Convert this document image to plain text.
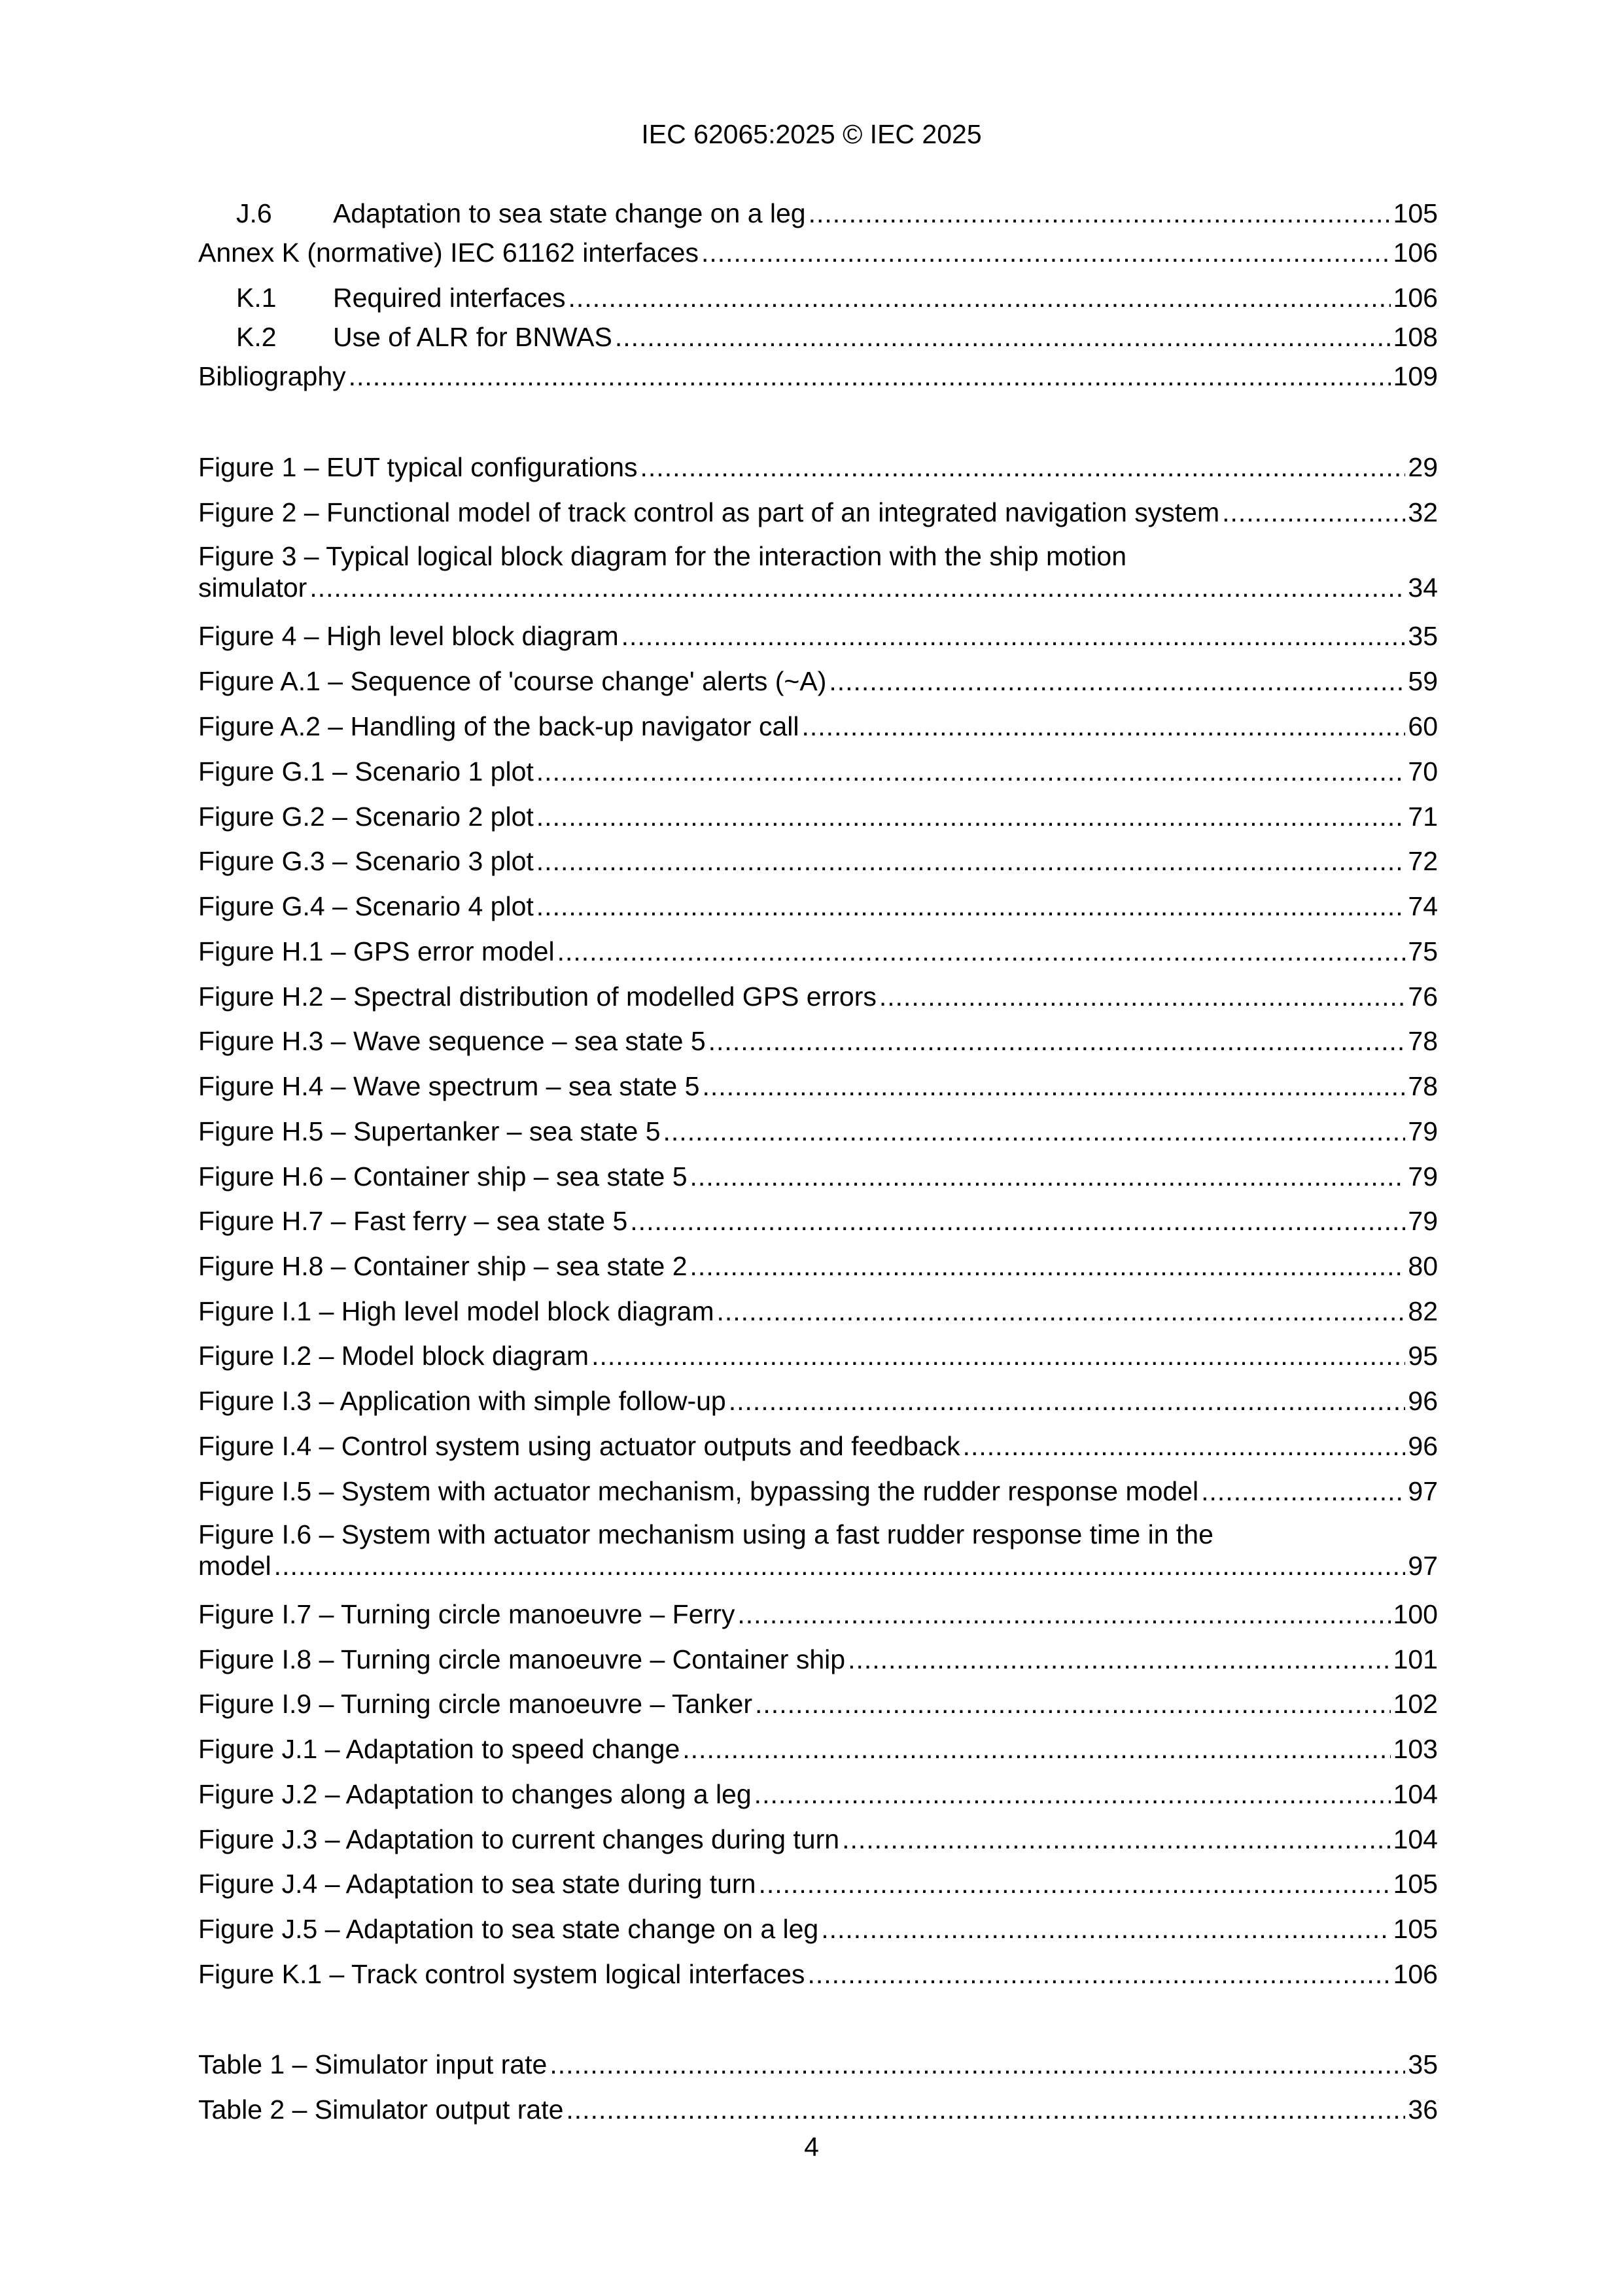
IEC 62065:2025 © IEC 2025
J.6	Adaptation to sea state change on a leg .....	105
Annex K (normative) IEC 61162 interfaces .....	106
K.1	Required interfaces .....	106
K.2	Use of ALR for BNWAS .....	108
Bibliography .....	109
Figure 1 – EUT typical configurations .....	29
Figure 2 – Functional model of track control as part of an integrated navigation system .....	32
Figure 3 – Typical logical block diagram for the interaction with the ship motion
simulator .....	34
Figure 4 – High level block diagram .....	35
Figure A.1 – Sequence of 'course change' alerts (~A) .....	59
Figure A.2 – Handling of the back-up navigator call .....	60
Figure G.1 – Scenario 1 plot .....	70
Figure G.2 – Scenario 2 plot .....	71
Figure G.3 – Scenario 3 plot .....	72
Figure G.4 – Scenario 4 plot .....	74
Figure H.1 – GPS error model .....	75
Figure H.2 – Spectral distribution of modelled GPS errors .....	76
Figure H.3 – Wave sequence – sea state 5 .....	78
Figure H.4 – Wave spectrum – sea state 5 .....	78
Figure H.5 – Supertanker – sea state 5 .....	79
Figure H.6 – Container ship – sea state 5 .....	79
Figure H.7 – Fast ferry – sea state 5 .....	79
Figure H.8 – Container ship – sea state 2 .....	80
Figure I.1 – High level model block diagram .....	82
Figure I.2 – Model block diagram .....	95
Figure I.3 – Application with simple follow-up .....	96
Figure I.4 – Control system using actuator outputs and feedback .....	96
Figure I.5 – System with actuator mechanism, bypassing the rudder response model .....	97
Figure I.6 – System with actuator mechanism using a fast rudder response time in the
model .....	97
Figure I.7 – Turning circle manoeuvre – Ferry .....	100
Figure I.8 – Turning circle manoeuvre – Container ship .....	101
Figure I.9 – Turning circle manoeuvre – Tanker .....	102
Figure J.1 – Adaptation to speed change .....	103
Figure J.2 – Adaptation to changes along a leg .....	104
Figure J.3 – Adaptation to current changes during turn .....	104
Figure J.4 – Adaptation to sea state during turn .....	105
Figure J.5 – Adaptation to sea state change on a leg .....	105
Figure K.1 – Track control system logical interfaces .....	106
Table 1 – Simulator input rate .....	35
Table 2 – Simulator output rate .....	36
4
